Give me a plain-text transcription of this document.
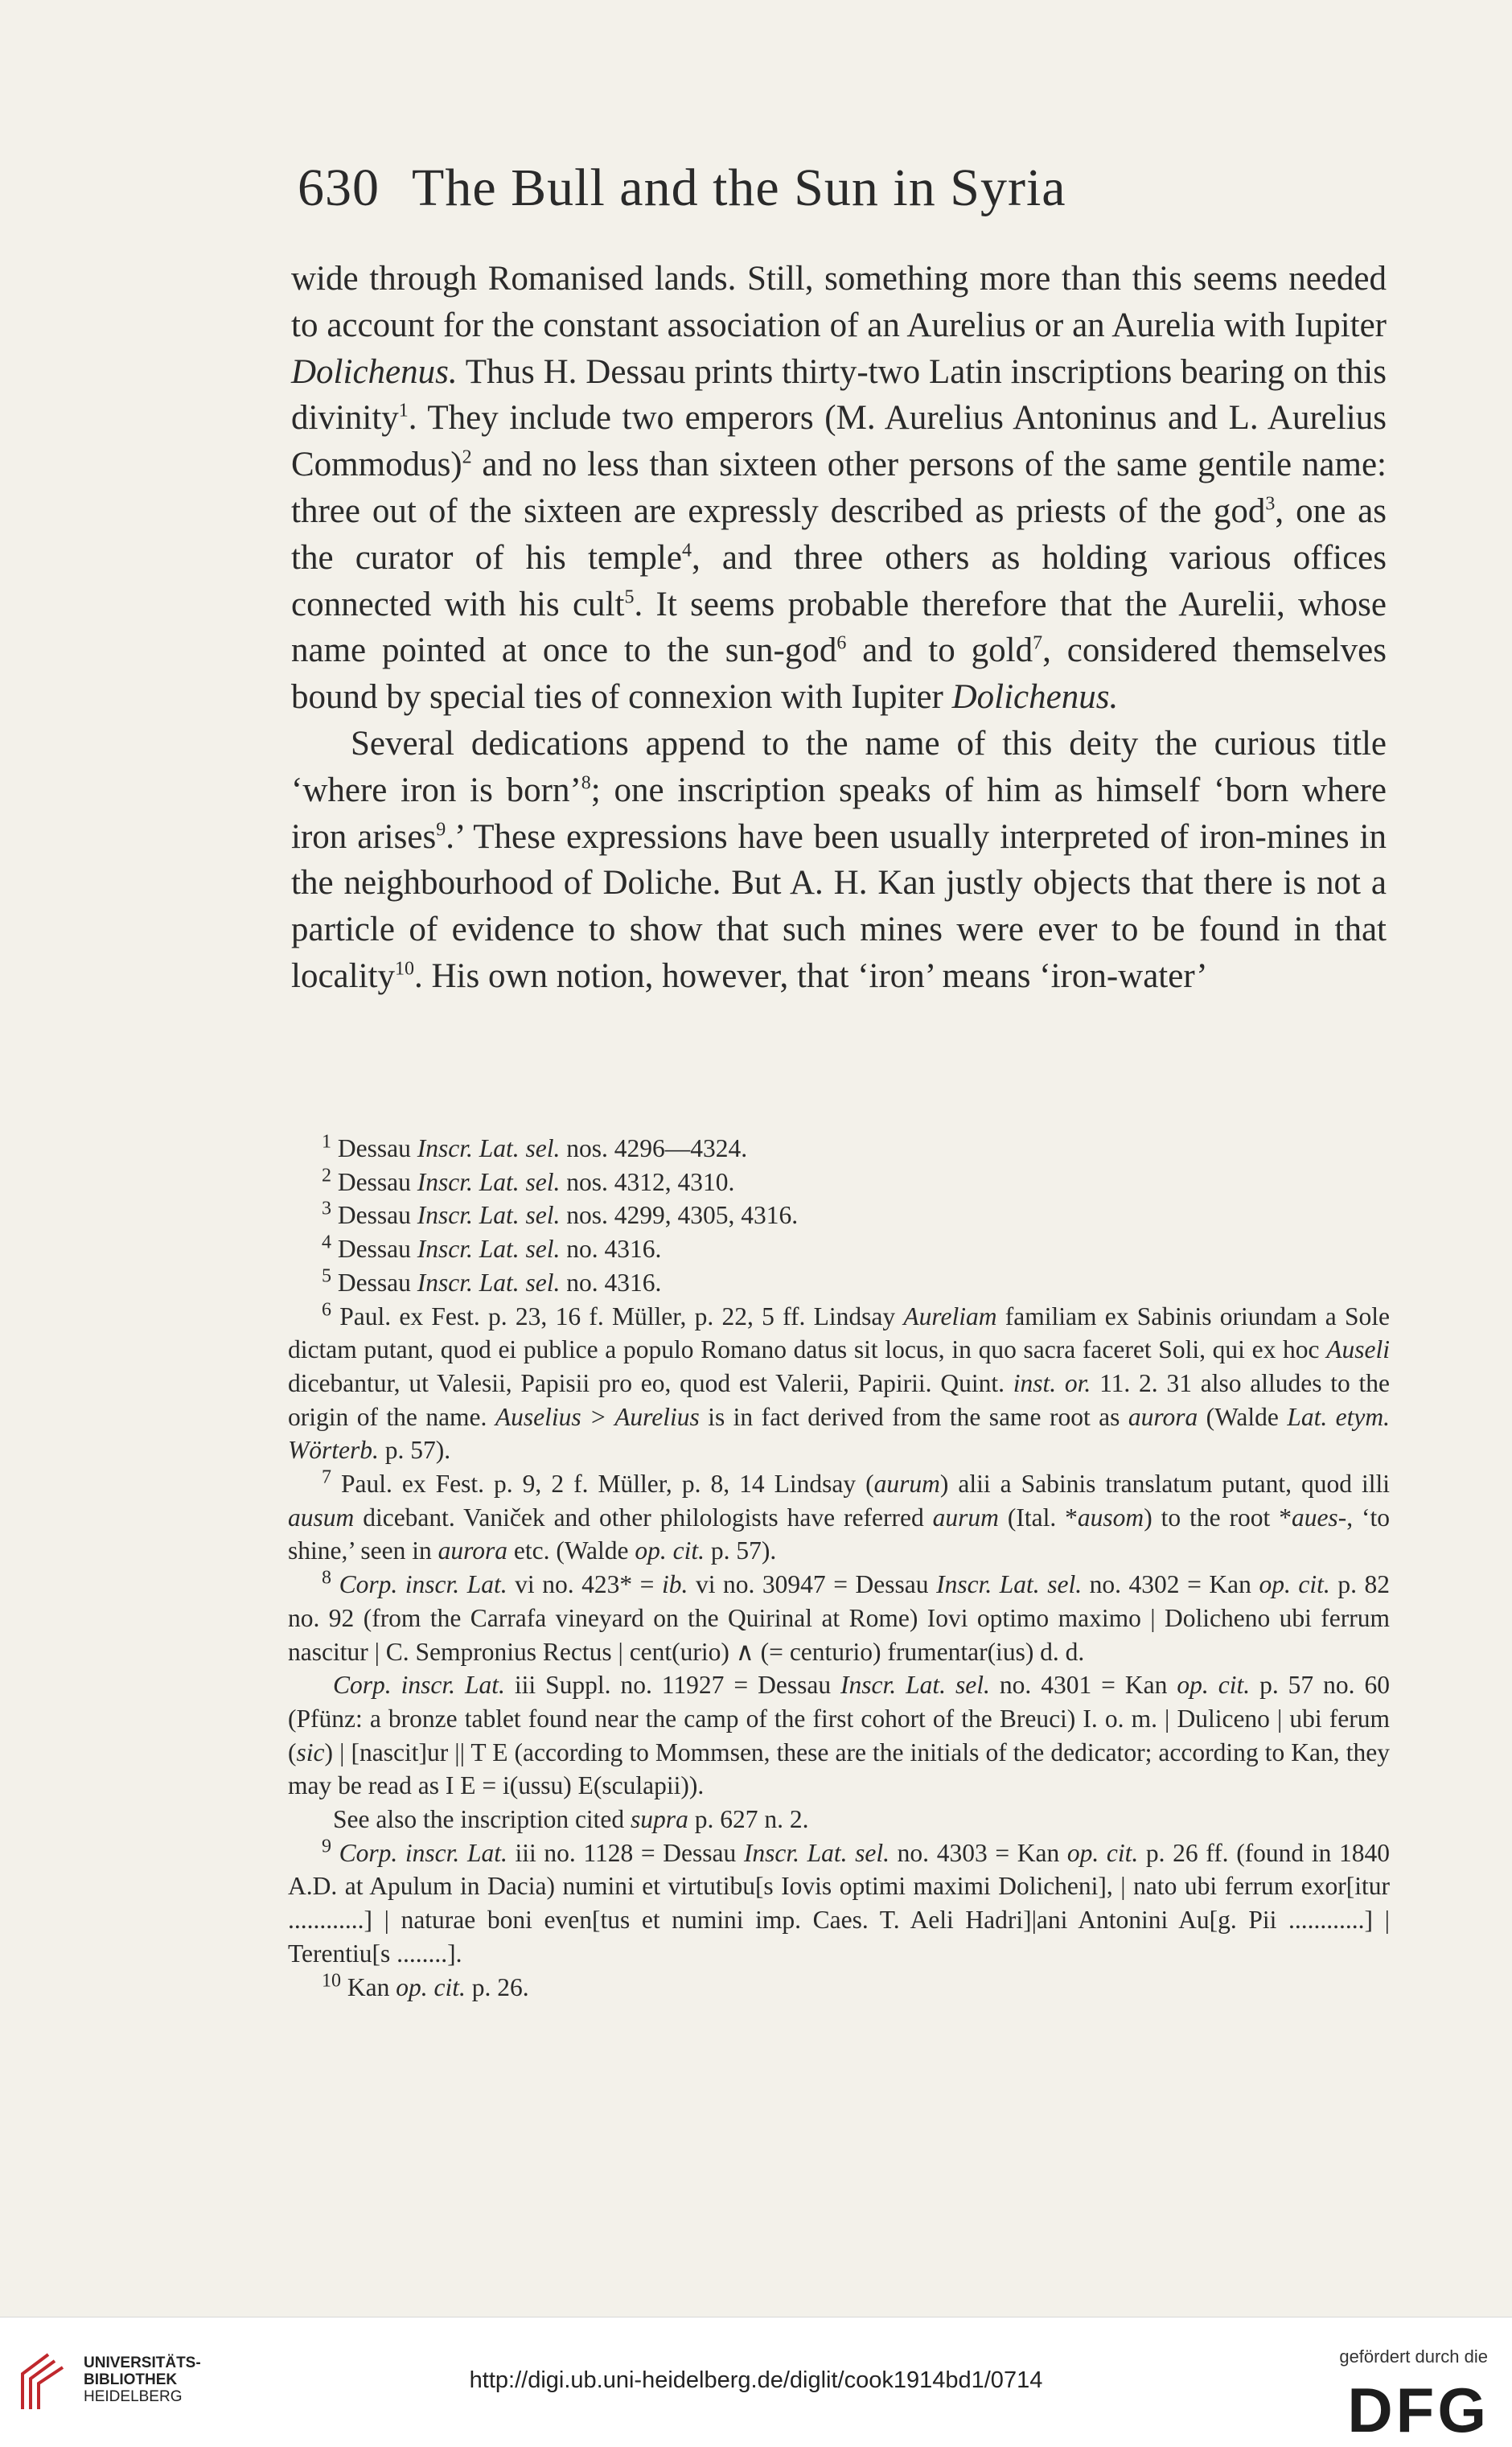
630 The Bull and the Sun in Syria

wide through Romanised lands. Still, something more than this seems needed to account for the constant association of an Aurelius or an Aurelia with Iupiter Dolichenus. Thus H. Dessau prints thirty-two Latin inscriptions bearing on this divinity$^1$. They include two emperors (M. Aurelius Antoninus and L. Aurelius Commodus)$^2$ and no less than sixteen other persons of the same gentile name: three out of the sixteen are expressly described as priests of the god$^3$, one as the curator of his temple$^4$, and three others as holding various offices connected with his cult$^5$. It seems probable therefore that the Aurelii, whose name pointed at once to the sun-god$^6$ and to gold$^7$, considered themselves bound by special ties of connexion with Iupiter Dolichenus.

Several dedications append to the name of this deity the curious title ‘where iron is born’$^8$; one inscription speaks of him as himself ‘born where iron arises$^9$.’ These expressions have been usually interpreted of iron-mines in the neighbourhood of Doliche. But A. H. Kan justly objects that there is not a particle of evidence to show that such mines were ever to be found in that locality$^{10}$. His own notion, however, that ‘iron’ means ‘iron-water’

$^1$ Dessau Inscr. Lat. sel. nos. 4296—4324.

$^2$ Dessau Inscr. Lat. sel. nos. 4312, 4310.

$^3$ Dessau Inscr. Lat. sel. nos. 4299, 4305, 4316.

$^4$ Dessau Inscr. Lat. sel. no. 4316.

$^5$ Dessau Inscr. Lat. sel. no. 4316.

$^6$ Paul. ex Fest. p. 23, 16 f. Müller, p. 22, 5 ff. Lindsay Aureliam familiam ex Sabinis oriundam a Sole dictam putant, quod ei publice a populo Romano datus sit locus, in quo sacra faceret Soli, qui ex hoc Auseli dicebantur, ut Valesii, Papisii pro eo, quod est Valerii, Papirii. Quint. inst. or. 11. 2. 31 also alludes to the origin of the name. Auselius > Aurelius is in fact derived from the same root as aurora (Walde Lat. etym. Wörterb. p. 57).

$^7$ Paul. ex Fest. p. 9, 2 f. Müller, p. 8, 14 Lindsay (aurum) alii a Sabinis translatum putant, quod illi ausum dicebant. Vaniček and other philologists have referred aurum (Ital. *ausom) to the root *aues-, ‘to shine,’ seen in aurora etc. (Walde op. cit. p. 57).

$^8$ Corp. inscr. Lat. vi no. 423* = ib. vi no. 30947 = Dessau Inscr. Lat. sel. no. 4302 = Kan op. cit. p. 82 no. 92 (from the Carrafa vineyard on the Quirinal at Rome) Iovi optimo maximo | Dolicheno ubi ferrum nascitur | C. Sempronius Rectus | cent(urio) ∧ (= centurio) frumentar(ius) d. d.

Corp. inscr. Lat. iii Suppl. no. 11927 = Dessau Inscr. Lat. sel. no. 4301 = Kan op. cit. p. 57 no. 60 (Pfünz: a bronze tablet found near the camp of the first cohort of the Breuci) I. o. m. | Duliceno | ubi ferum (sic) | [nascit]ur || T E (according to Mommsen, these are the initials of the dedicator; according to Kan, they may be read as I E = i(ussu) E(sculapii)).

See also the inscription cited supra p. 627 n. 2.

$^9$ Corp. inscr. Lat. iii no. 1128 = Dessau Inscr. Lat. sel. no. 4303 = Kan op. cit. p. 26 ff. (found in 1840 A.D. at Apulum in Dacia) numini et virtutibu[s Iovis optimi maximi Dolicheni], | nato ubi ferrum exor[itur ............] | naturae boni even[tus et numini imp. Caes. T. Aeli Hadri]|ani Antonini Au[g. Pii ............] | Terentiu[s ........].

$^{10}$ Kan op. cit. p. 26.

UNIVERSITÄTS-
BIBLIOTHEK
HEIDELBERG
http://digi.ub.uni-heidelberg.de/diglit/cook1914bd1/0714
gefördert durch die
DFG
